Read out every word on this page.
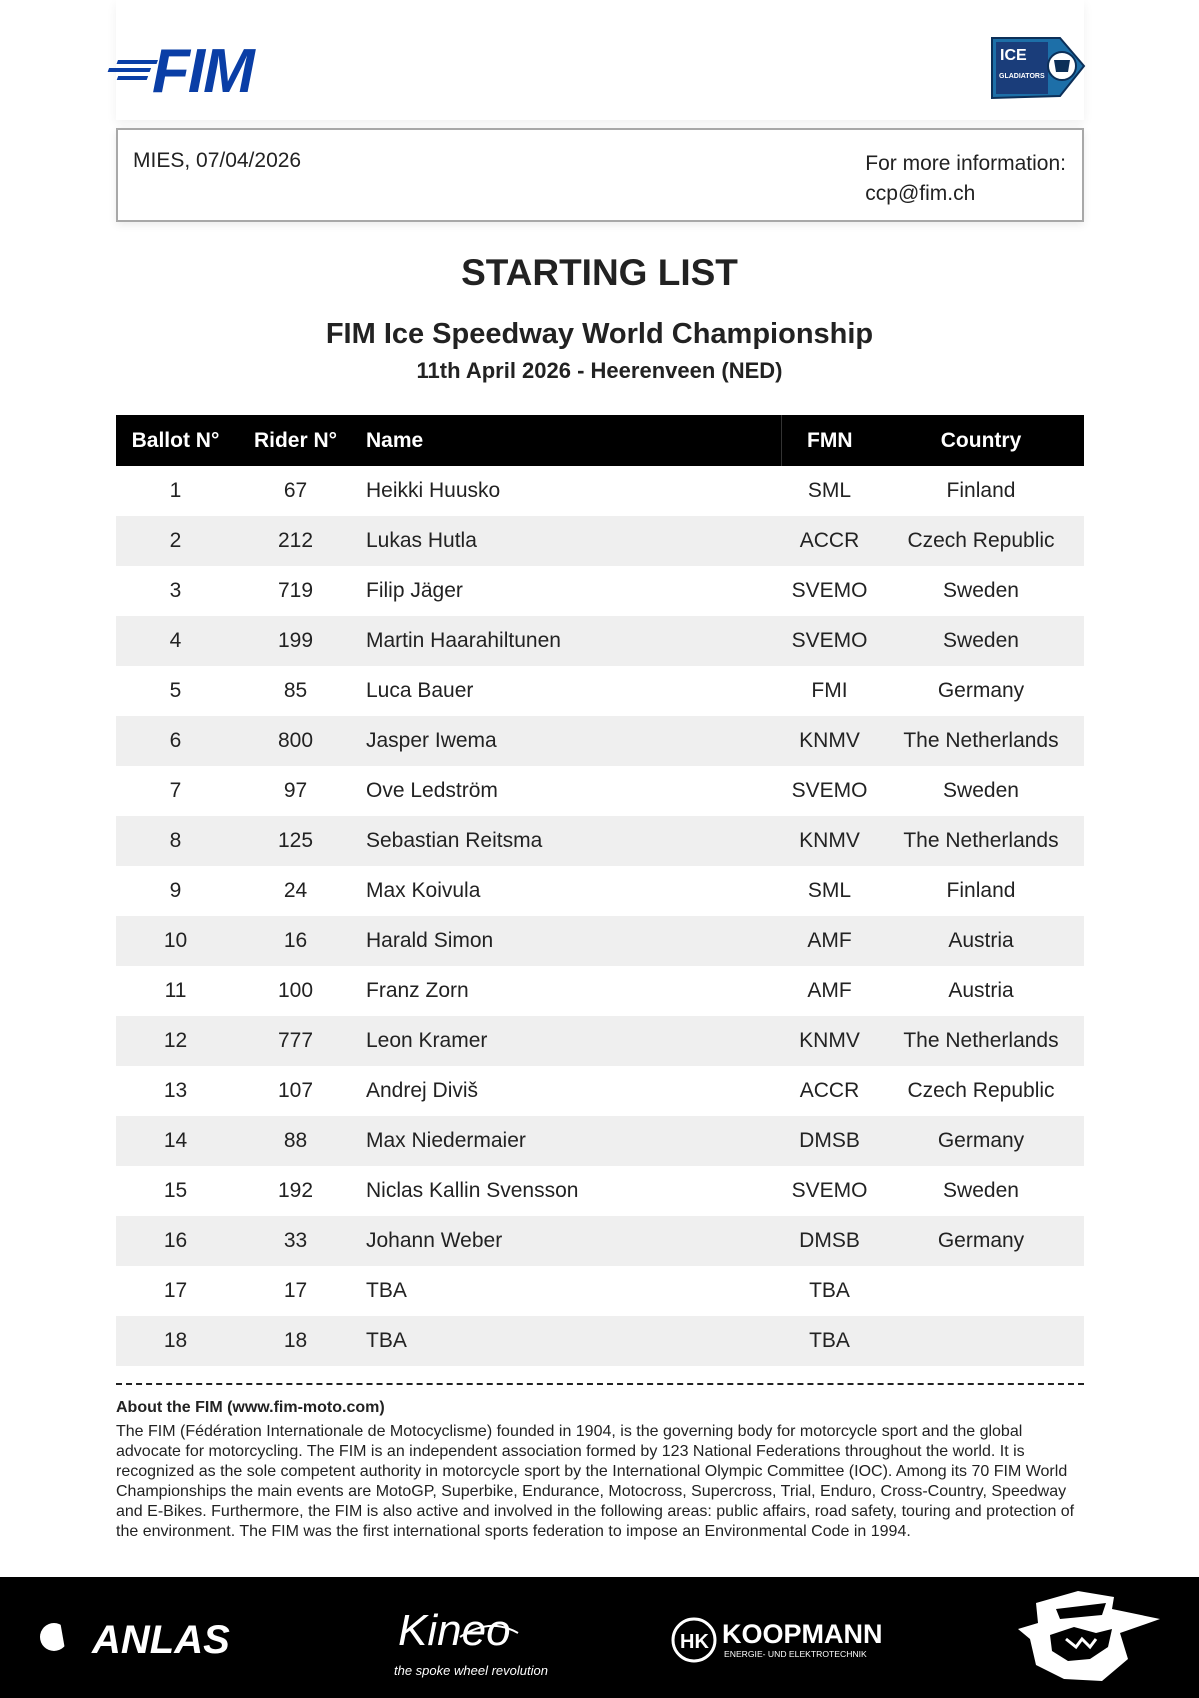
FIM	ICE
GLADIATORS
MIES, 07/04/2026	For more information:
ccp@fim.ch
STARTING LIST
FIM Ice Speedway World Championship
11th April 2026 - Heerenveen (NED)
Ballot N°	Rider N°	Name	FMN	Country
1	67	Heikki Huusko	SML	Finland
2	212	Lukas Hutla	ACCR	Czech Republic
3	719	Filip Jäger	SVEMO	Sweden
4	199	Martin Haarahiltunen	SVEMO	Sweden
5	85	Luca Bauer	FMI	Germany
6	800	Jasper Iwema	KNMV	The Netherlands
7	97	Ove Ledström	SVEMO	Sweden
8	125	Sebastian Reitsma	KNMV	The Netherlands
9	24	Max Koivula	SML	Finland
10	16	Harald Simon	AMF	Austria
11	100	Franz Zorn	AMF	Austria
12	777	Leon Kramer	KNMV	The Netherlands
13	107	Andrej Diviš	ACCR	Czech Republic
14	88	Max Niedermaier	DMSB	Germany
15	192	Niclas Kallin Svensson	SVEMO	Sweden
16	33	Johann Weber	DMSB	Germany
17	17	TBA	TBA	
18	18	TBA	TBA	
About the FIM (www.fim-moto.com)

The FIM (Fédération Internationale de Motocyclisme) founded in 1904, is the governing body for motorcycle sport and the global advocate for motorcycling. The FIM is an independent association formed by 123 National Federations throughout the world. It is recognized as the sole competent authority in motorcycle sport by the International Olympic Committee (IOC). Among its 70 FIM World Championships the main events are MotoGP, Superbike, Endurance, Motocross, Supercross, Trial, Enduro, Cross-Country, Speedway and E-Bikes. Furthermore, the FIM is also active and involved in the following areas: public affairs, road safety, touring and protection of the environment. The FIM was the first international sports federation to impose an Environmental Code in 1994.

ANLAS	Kineo
the spoke wheel revolution
HK KOOPMANN
ENERGIE- UND ELEKTROTECHNIK
